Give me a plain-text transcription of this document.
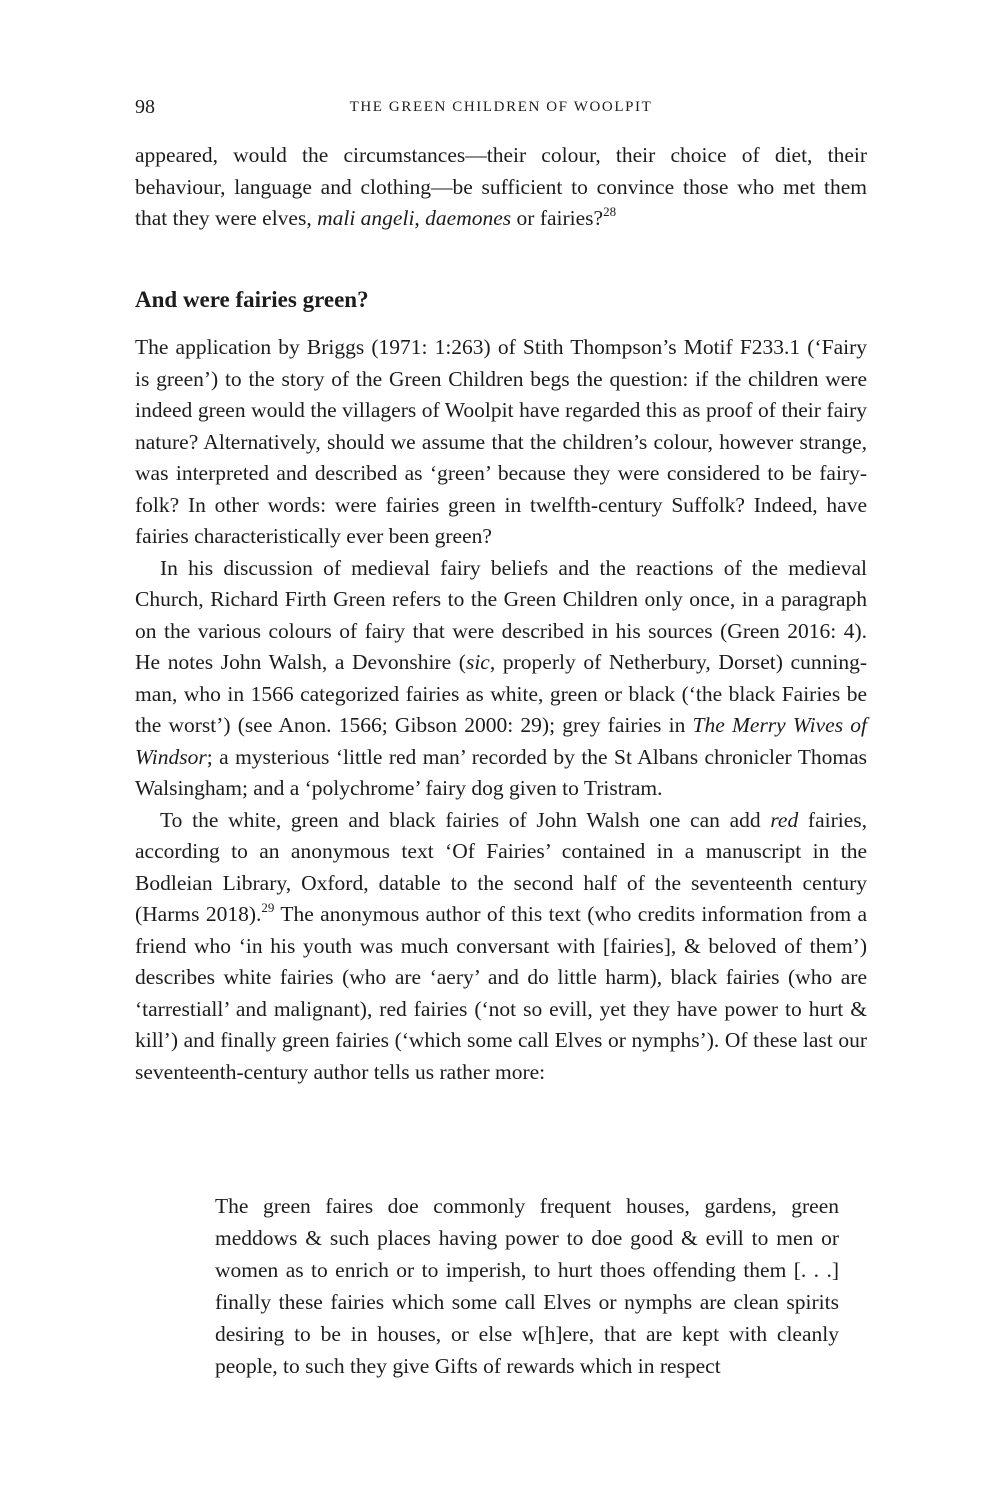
98	THE GREEN CHILDREN OF WOOLPIT

appeared, would the circumstances—their colour, their choice of diet, their behaviour, language and clothing—be sufficient to convince those who met them that they were elves, mali angeli, daemones or fairies?$^{28}$

And were fairies green?

The application by Briggs (1971: 1:263) of Stith Thompson’s Motif F233.1 (‘Fairy is green’) to the story of the Green Children begs the question: if the children were indeed green would the villagers of Woolpit have regarded this as proof of their fairy nature? Alternatively, should we assume that the children’s colour, however strange, was interpreted and described as ‘green’ because they were considered to be fairy-folk? In other words: were fairies green in twelfth-century Suffolk? Indeed, have fairies characteristically ever been green?

In his discussion of medieval fairy beliefs and the reactions of the medieval Church, Richard Firth Green refers to the Green Children only once, in a paragraph on the various colours of fairy that were described in his sources (Green 2016: 4). He notes John Walsh, a Devonshire (sic, properly of Netherbury, Dorset) cunning-man, who in 1566 categorized fairies as white, green or black (‘the black Fairies be the worst’) (see Anon. 1566; Gibson 2000: 29); grey fairies in The Merry Wives of Windsor; a mysterious ‘little red man’ recorded by the St Albans chronicler Thomas Walsingham; and a ‘polychrome’ fairy dog given to Tristram.

To the white, green and black fairies of John Walsh one can add red fairies, according to an anonymous text ‘Of Fairies’ contained in a manuscript in the Bodleian Library, Oxford, datable to the second half of the seventeenth century (Harms 2018).$^{29}$ The anonymous author of this text (who credits information from a friend who ‘in his youth was much conversant with [fairies], & beloved of them’) describes white fairies (who are ‘aery’ and do little harm), black fairies (who are ‘tarrestiall’ and malignant), red fairies (‘not so evill, yet they have power to hurt & kill’) and finally green fairies (‘which some call Elves or nymphs’). Of these last our seventeenth-century author tells us rather more:

The green faires doe commonly frequent houses, gardens, green meddows & such places having power to doe good & evill to men or women as to enrich or to imperish, to hurt thoes offending them [. . .] finally these fairies which some call Elves or nymphs are clean spirits desiring to be in houses, or else w[h]ere, that are kept with cleanly people, to such they give Gifts of rewards which in respect
